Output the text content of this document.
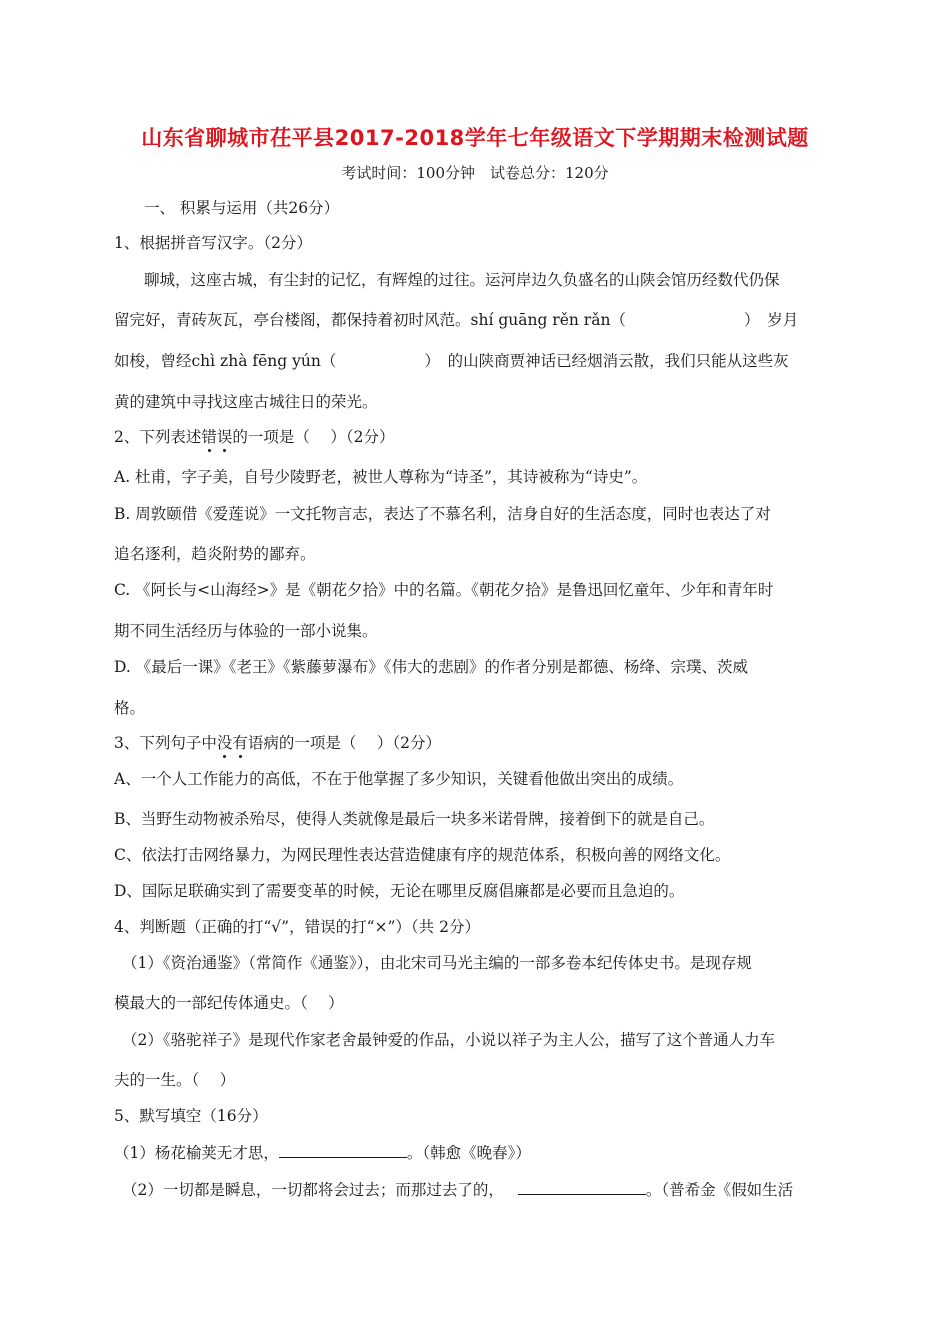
山东省聊城市茌平县2017-2018学年七年级语文下学期期末检测试题
考试时间：100分钟　试卷总分：120分
一、 积累与运用（共26分）
1、根据拼音写汉字。（2分）
聊城，这座古城，有尘封的记忆，有辉煌的过往。运河岸边久负盛名的山陕会馆历经数代仍保
留完好，青砖灰瓦，亭台楼阁，都保持着初时风范。shí guāng rěn rǎn（	）　岁月
如梭，曾经chì zhà fēng yún（	）　的山陕商贾神话已经烟消云散，我们只能从这些灰
黄的建筑中寻找这座古城往日的荣光。
2、下列表述错误的一项是（　 ）（2分）
A. 杜甫，字子美，自号少陵野老，被世人尊称为“诗圣”，其诗被称为“诗史”。
B. 周敦颐借《爱莲说》一文托物言志，表达了不慕名利，洁身自好的生活态度，同时也表达了对
追名逐利，趋炎附势的鄙弃。
C. 《阿长与<山海经>》是《朝花夕拾》中的名篇。《朝花夕拾》是鲁迅回忆童年、少年和青年时
期不同生活经历与体验的一部小说集。
D. 《最后一课》《老王》《紫藤萝瀑布》《伟大的悲剧》的作者分别是都德、杨绛、宗璞、茨威
格。
3、下列句子中没有语病的一项是（　 ）（2分）
A、一个人工作能力的高低，不在于他掌握了多少知识，关键看他做出突出的成绩。
B、当野生动物被杀殆尽，使得人类就像是最后一块多米诺骨牌，接着倒下的就是自己。
C、依法打击网络暴力，为网民理性表达营造健康有序的规范体系，积极向善的网络文化。
D、国际足联确实到了需要变革的时候，无论在哪里反腐倡廉都是必要而且急迫的。
4、判断题（正确的打“√”，错误的打“×”）（共 2分）
（1）《资治通鉴》（常简作《通鉴》），由北宋司马光主编的一部多卷本纪传体史书。是现存规
模最大的一部纪传体通史。（　 ）
（2）《骆驼祥子》是现代作家老舍最钟爱的作品，小说以祥子为主人公，描写了这个普通人力车
夫的一生。（　 ）
5、默写填空（16分）
（1）杨花榆荚无才思，	。（韩愈《晚春》）
（2）一切都是瞬息，一切都将会过去；而那过去了的，	。（普希金《假如生活
